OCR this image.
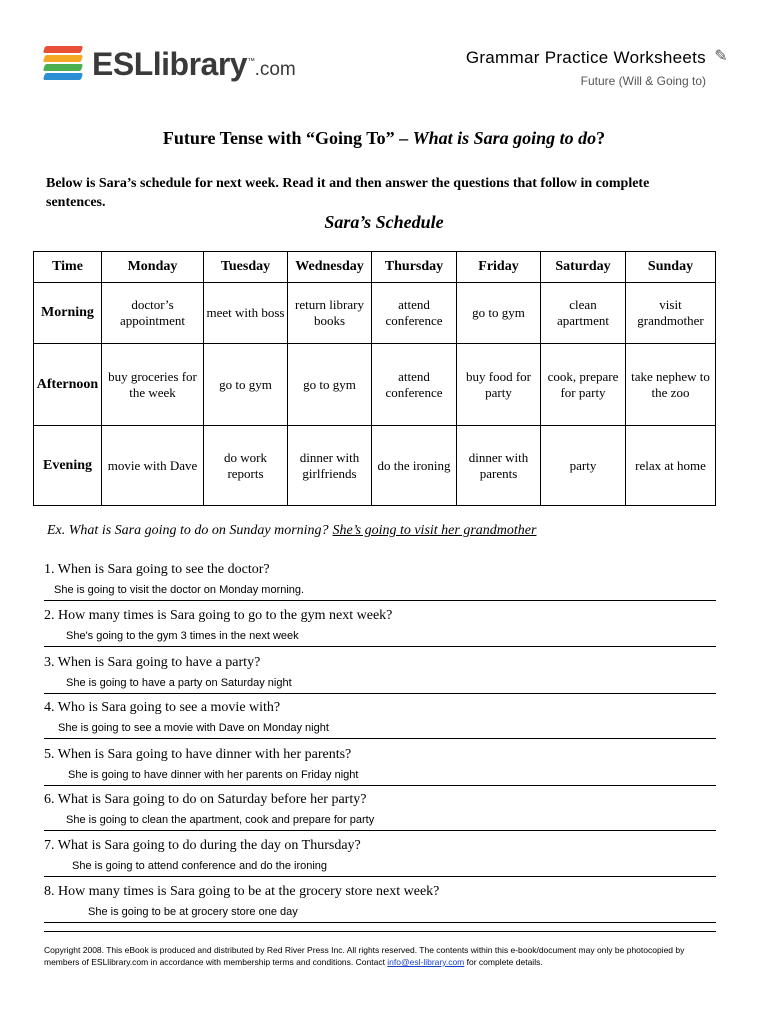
ESLlibrary™.com
Grammar Practice Worksheets ✎
Future (Will & Going to)
Future Tense with “Going To” – What is Sara going to do?
Below is Sara’s schedule for next week. Read it and then answer the questions that follow in complete sentences.
Sara’s Schedule
Time	Monday	Tuesday	Wednesday	Thursday	Friday	Saturday	Sunday
Morning	doctor’s appointment	meet with boss	return library books	attend conference	go to gym	clean apartment	visit grandmother
Afternoon	buy groceries for the week	go to gym	go to gym	attend conference	buy food for party	cook, prepare for party	take nephew to the zoo
Evening	movie with Dave	do work reports	dinner with girlfriends	do the ironing	dinner with parents	party	relax at home
Ex. What is Sara going to do on Sunday morning? She’s going to visit her grandmother
1. When is Sara going to see the doctor?
She is going to visit the doctor on Monday morning.
2. How many times is Sara going to go to the gym next week?
She's going to the gym 3 times in the next week
3. When is Sara going to have a party?
She is going to have a party on Saturday night
4. Who is Sara going to see a movie with?
She is going to see a movie with Dave on Monday night
5. When is Sara going to have dinner with her parents?
She is going to have dinner with her parents on Friday night
6. What is Sara going to do on Saturday before her party?
She is going to clean the apartment, cook and prepare for party
7. What is Sara going to do during the day on Thursday?
She is going to attend conference and do the ironing
8. How many times is Sara going to be at the grocery store next week?
She is going to be at grocery store one day
Copyright 2008. This eBook is produced and distributed by Red River Press Inc. All rights reserved. The contents within this e-book/document may only be photocopied by members of ESLlibrary.com in accordance with membership terms and conditions. Contact info@esl-library.com for complete details.
